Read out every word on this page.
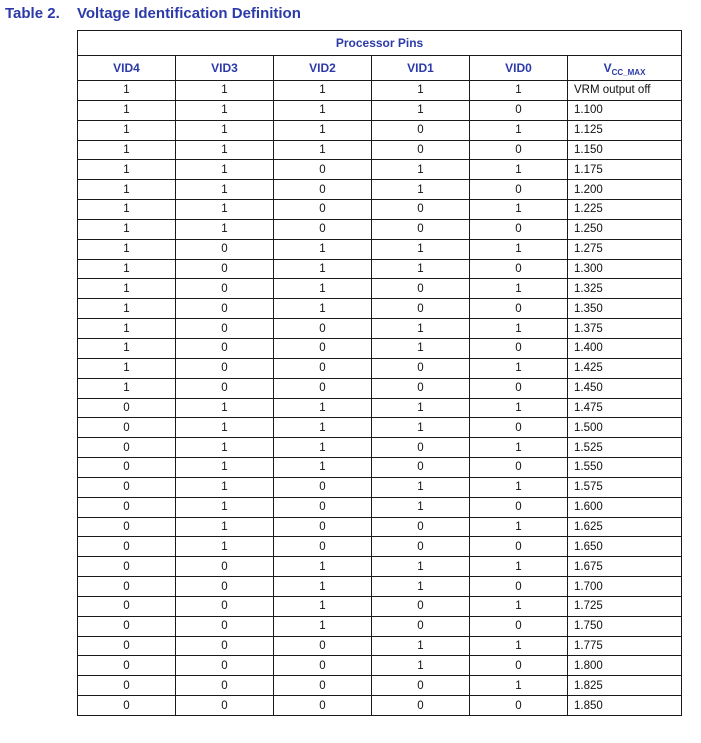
Table 2. Voltage Identification Definition
Processor Pins					
VID4	VID3	VID2	VID1	VID0	$V_{CC\_MAX}$
1	1	1	1	1	VRM output off
1	1	1	1	0	1.100
1	1	1	0	1	1.125
1	1	1	0	0	1.150
1	1	0	1	1	1.175
1	1	0	1	0	1.200
1	1	0	0	1	1.225
1	1	0	0	0	1.250
1	0	1	1	1	1.275
1	0	1	1	0	1.300
1	0	1	0	1	1.325
1	0	1	0	0	1.350
1	0	0	1	1	1.375
1	0	0	1	0	1.400
1	0	0	0	1	1.425
1	0	0	0	0	1.450
0	1	1	1	1	1.475
0	1	1	1	0	1.500
0	1	1	0	1	1.525
0	1	1	0	0	1.550
0	1	0	1	1	1.575
0	1	0	1	0	1.600
0	1	0	0	1	1.625
0	1	0	0	0	1.650
0	0	1	1	1	1.675
0	0	1	1	0	1.700
0	0	1	0	1	1.725
0	0	1	0	0	1.750
0	0	0	1	1	1.775
0	0	0	1	0	1.800
0	0	0	0	1	1.825
0	0	0	0	0	1.850
